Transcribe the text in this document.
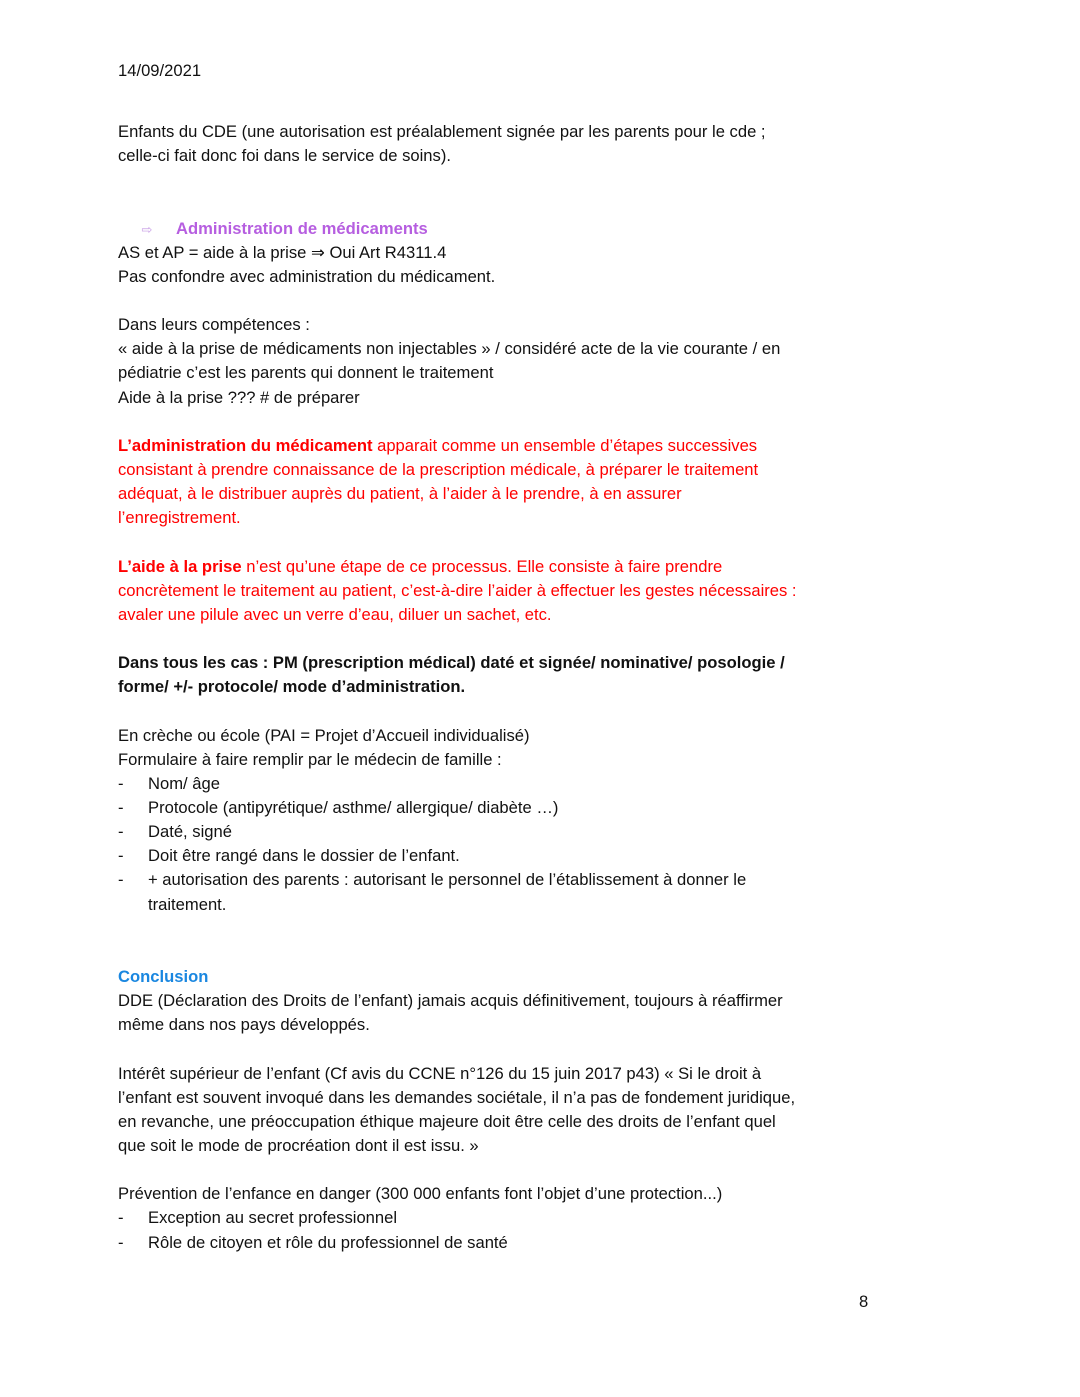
14/09/2021
Enfants du CDE (une autorisation est préalablement signée par les parents pour le cde ;
celle-ci fait donc foi dans le service de soins).
⇨ Administration de médicaments
AS et AP = aide à la prise ⇒ Oui Art R4311.4
Pas confondre avec administration du médicament.
Dans leurs compétences :
« aide à la prise de médicaments non injectables » / considéré acte de la vie courante / en
pédiatrie c’est les parents qui donnent le traitement
Aide à la prise ??? # de préparer
L’administration du médicament apparait comme un ensemble d’étapes successives
consistant à prendre connaissance de la prescription médicale, à préparer le traitement
adéquat, à le distribuer auprès du patient, à l’aider à le prendre, à en assurer
l’enregistrement.
L’aide à la prise n’est qu’une étape de ce processus. Elle consiste à faire prendre
concrètement le traitement au patient, c’est-à-dire l’aider à effectuer les gestes nécessaires :
avaler une pilule avec un verre d’eau, diluer un sachet, etc.
Dans tous les cas : PM (prescription médical) daté et signée/ nominative/ posologie /
forme/ +/- protocole/ mode d’administration.
En crèche ou école (PAI = Projet d’Accueil individualisé)
Formulaire à faire remplir par le médecin de famille :
- Nom/ âge
- Protocole (antipyrétique/ asthme/ allergique/ diabète …)
- Daté, signé
- Doit être rangé dans le dossier de l’enfant.
- + autorisation des parents : autorisant le personnel de l’établissement à donner le
traitement.
Conclusion
DDE (Déclaration des Droits de l’enfant) jamais acquis définitivement, toujours à réaffirmer
même dans nos pays développés.
Intérêt supérieur de l’enfant (Cf avis du CCNE n°126 du 15 juin 2017 p43) « Si le droit à
l’enfant est souvent invoqué dans les demandes sociétale, il n’a pas de fondement juridique,
en revanche, une préoccupation éthique majeure doit être celle des droits de l’enfant quel
que soit le mode de procréation dont il est issu. »
Prévention de l’enfance en danger (300 000 enfants font l’objet d’une protection...)
- Exception au secret professionnel
- Rôle de citoyen et rôle du professionnel de santé
8
